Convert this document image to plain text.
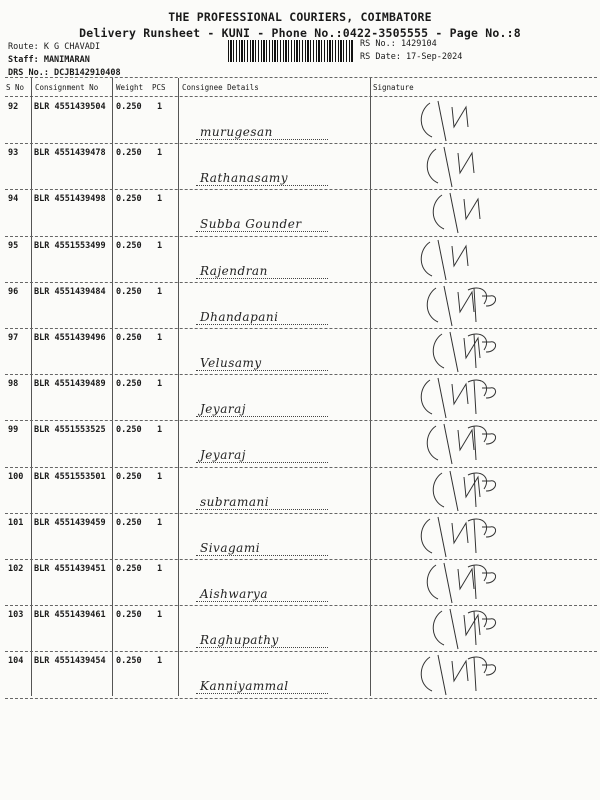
THE PROFESSIONAL COURIERS, COIMBATORE
Delivery Runsheet - KUNI - Phone No.:0422-3505555 - Page No.:8
Route: K G CHAVADI
Staff: MANIMARAN
DRS No.: DCJB142910408
RS No.: 1429104
RS Date: 17-Sep-2024
S No Consignment No Weight PCS Consignee Details	Signature
92 BLR 4551439504 0.250 1
murugesan
93 BLR 4551439478 0.250 1
Rathanasamy
94 BLR 4551439498 0.250 1
Subba Gounder
95 BLR 4551553499 0.250 1
Rajendran
96 BLR 4551439484 0.250 1
Dhandapani
97 BLR 4551439496 0.250 1
Velusamy
98 BLR 4551439489 0.250 1
Jeyaraj
99 BLR 4551553525 0.250 1
Jeyaraj
100 BLR 4551553501 0.250 1
subramani
101 BLR 4551439459 0.250 1
Sivagami
102 BLR 4551439451 0.250 1
Aishwarya
103 BLR 4551439461 0.250 1
Raghupathy
104 BLR 4551439454 0.250 1
Kanniyammal
